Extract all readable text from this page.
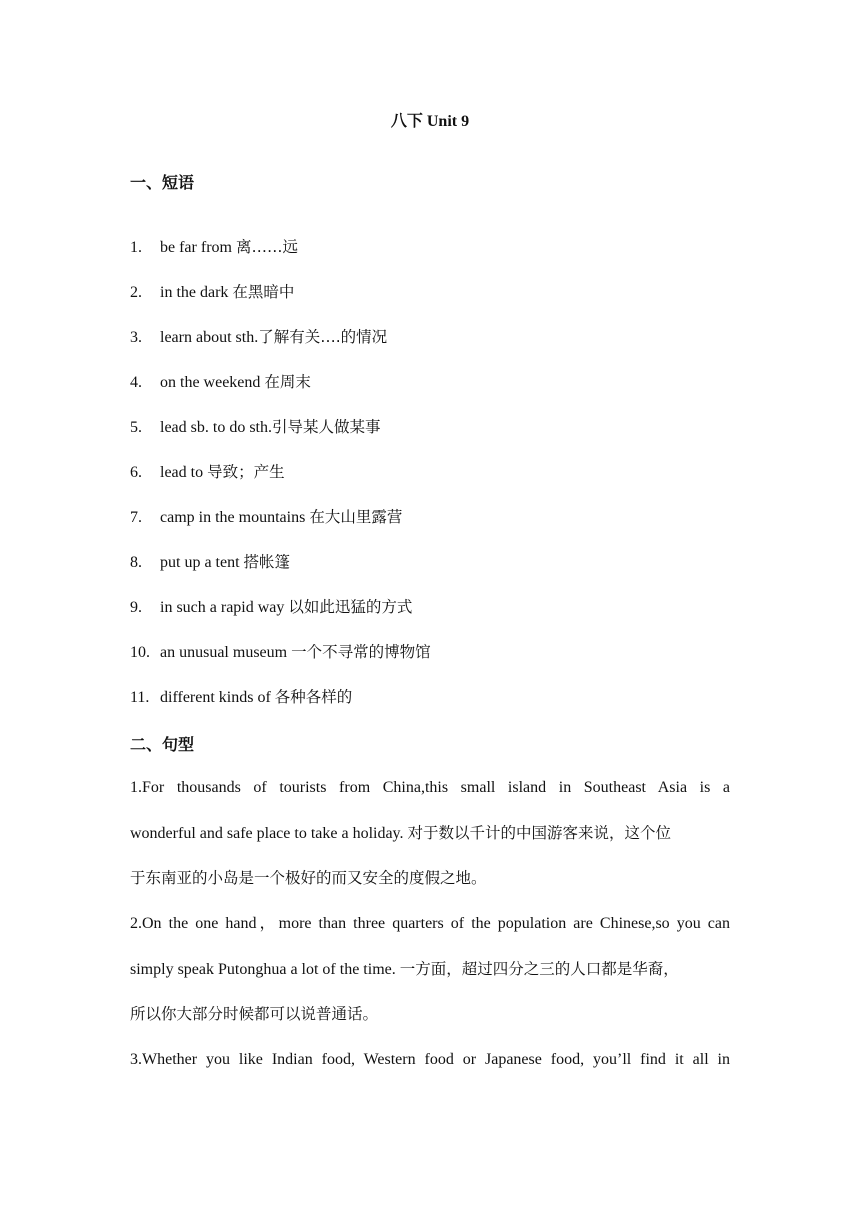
八下 Unit 9
一、短语
1. be far from 离……远
2. in the dark 在黑暗中
3. learn about sth.了解有关….的情况
4. on the weekend 在周末
5. lead sb. to do sth.引导某人做某事
6. lead to 导致；产生
7. camp in the mountains 在大山里露营
8. put up a tent 搭帐篷
9. in such a rapid way 以如此迅猛的方式
10. an unusual museum 一个不寻常的博物馆
11. different kinds of 各种各样的
二、句型
1.For thousands of tourists from China,this small island in Southeast Asia is a
wonderful and safe place to take a holiday. 对于数以千计的中国游客来说，这个位
于东南亚的小岛是一个极好的而又安全的度假之地。
2.On the one hand，more than three quarters of the population are Chinese,so you can
simply speak Putonghua a lot of the time. 一方面，超过四分之三的人口都是华裔，
所以你大部分时候都可以说普通话。
3.Whether you like Indian food, Western food or Japanese food, you’ll find it all in
